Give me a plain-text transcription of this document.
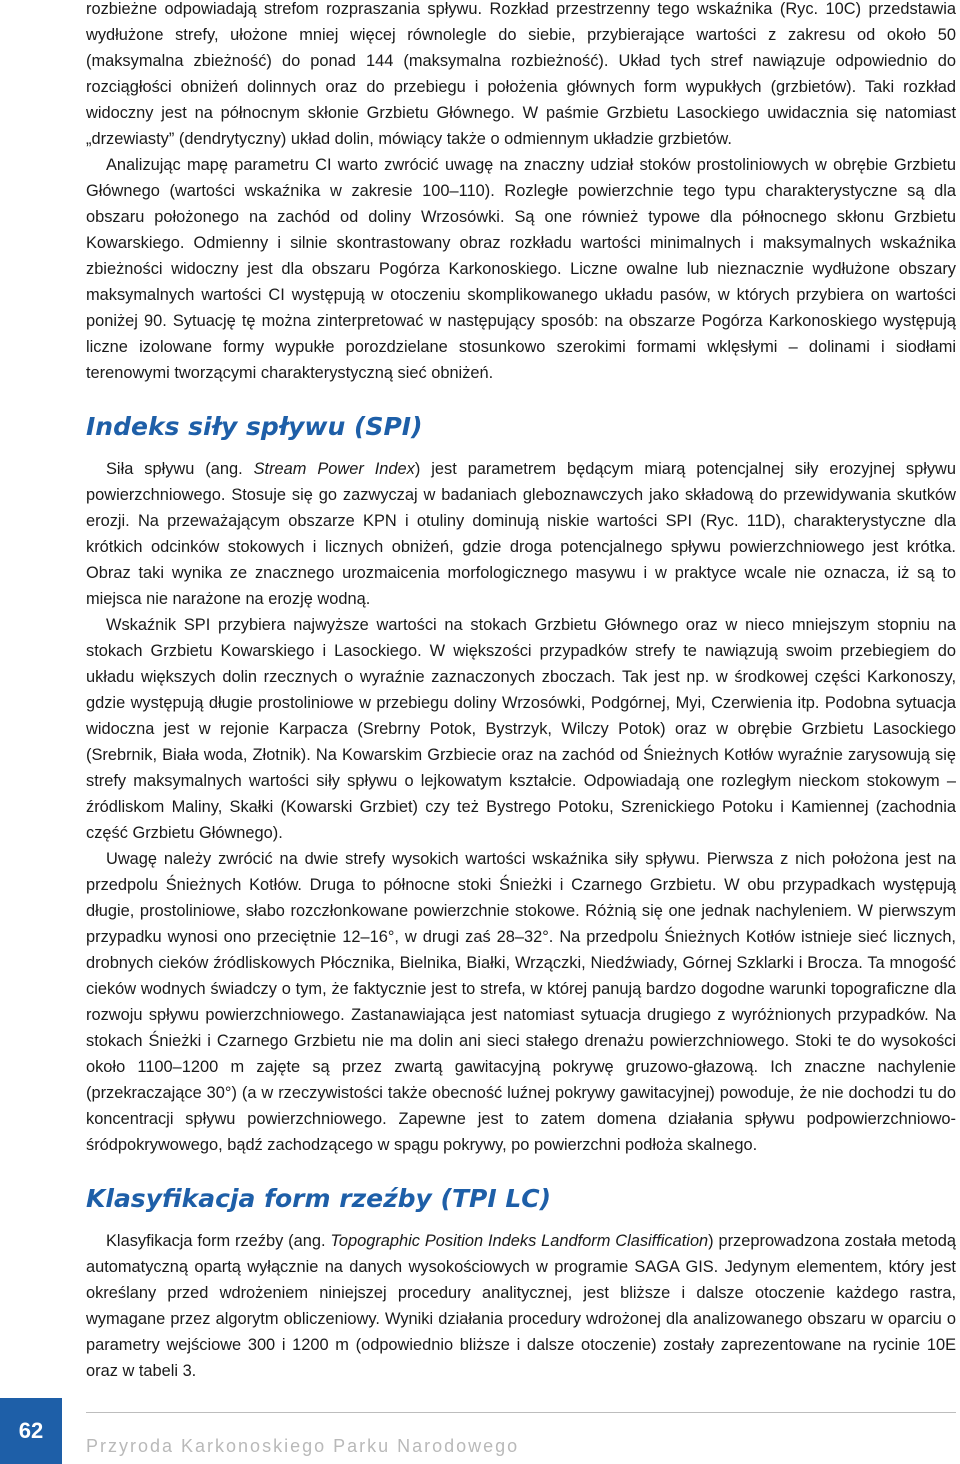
rozbieżne odpowiadają strefom rozpraszania spływu. Rozkład przestrzenny tego wskaźnika (Ryc. 10C) przedstawia wydłużone strefy, ułożone mniej więcej równolegle do siebie, przybierające wartości z zakresu od około 50 (maksymalna zbieżność) do ponad 144 (maksymalna rozbieżność). Układ tych stref nawiązuje odpowiednio do rozciągłości obniżeń dolinnych oraz do przebiegu i położenia głównych form wypukłych (grzbietów). Taki rozkład widoczny jest na północnym skłonie Grzbietu Głównego. W paśmie Grzbietu Lasockiego uwidacznia się natomiast „drzewiasty” (dendrytyczny) układ dolin, mówiący także o odmiennym układzie grzbietów.

Analizując mapę parametru CI warto zwrócić uwagę na znaczny udział stoków prostoliniowych w obrębie Grzbietu Głównego (wartości wskaźnika w zakresie 100–110). Rozległe powierzchnie tego typu charakterystyczne są dla obszaru położonego na zachód od doliny Wrzosówki. Są one również typowe dla północnego skłonu Grzbietu Kowarskiego. Odmienny i silnie skontrastowany obraz rozkładu wartości minimalnych i maksymalnych wskaźnika zbieżności widoczny jest dla obszaru Pogórza Karkonoskiego. Liczne owalne lub nieznacznie wydłużone obszary maksymalnych wartości CI występują w otoczeniu skomplikowanego układu pasów, w których przybiera on wartości poniżej 90. Sytuację tę można zinterpretować w następujący sposób: na obszarze Pogórza Karkonoskiego występują liczne izolowane formy wypukłe porozdzielane stosunkowo szerokimi formami wklęsłymi – dolinami i siodłami terenowymi tworzącymi charakterystyczną sieć obniżeń.

Indeks siły spływu (SPI)

Siła spływu (ang. Stream Power Index) jest parametrem będącym miarą potencjalnej siły erozyjnej spływu powierzchniowego. Stosuje się go zazwyczaj w badaniach gleboznawczych jako składową do przewidywania skutków erozji. Na przeważającym obszarze KPN i otuliny dominują niskie wartości SPI (Ryc. 11D), charakterystyczne dla krótkich odcinków stokowych i licznych obniżeń, gdzie droga potencjalnego spływu powierzchniowego jest krótka. Obraz taki wynika ze znacznego urozmaicenia morfologicznego masywu i w praktyce wcale nie oznacza, iż są to miejsca nie narażone na erozję wodną.

Wskaźnik SPI przybiera najwyższe wartości na stokach Grzbietu Głównego oraz w nieco mniejszym stopniu na stokach Grzbietu Kowarskiego i Lasockiego. W większości przypadków strefy te nawiązują swoim przebiegiem do układu większych dolin rzecznych o wyraźnie zaznaczonych zboczach. Tak jest np. w środkowej części Karkonoszy, gdzie występują długie prostoliniowe w przebiegu doliny Wrzosówki, Podgórnej, Myi, Czerwienia itp. Podobna sytuacja widoczna jest w rejonie Karpacza (Srebrny Potok, Bystrzyk, Wilczy Potok) oraz w obrębie Grzbietu Lasockiego (Srebrnik, Biała woda, Złotnik). Na Kowarskim Grzbiecie oraz na zachód od Śnieżnych Kotłów wyraźnie zarysowują się strefy maksymalnych wartości siły spływu o lejkowatym kształcie. Odpowiadają one rozległym nieckom stokowym – źródliskom Maliny, Skałki (Kowarski Grzbiet) czy też Bystrego Potoku, Szrenickiego Potoku i Kamiennej (zachodnia część Grzbietu Głównego).

Uwagę należy zwrócić na dwie strefy wysokich wartości wskaźnika siły spływu. Pierwsza z nich położona jest na przedpolu Śnieżnych Kotłów. Druga to północne stoki Śnieżki i Czarnego Grzbietu. W obu przypadkach występują długie, prostoliniowe, słabo rozczłonkowane powierzchnie stokowe. Różnią się one jednak nachyleniem. W pierwszym przypadku wynosi ono przeciętnie 12–16°, w drugi zaś 28–32°. Na przedpolu Śnieżnych Kotłów istnieje sieć licznych, drobnych cieków źródliskowych Płócznika, Bielnika, Białki, Wrzączki, Niedźwiady, Górnej Szklarki i Brocza. Ta mnogość cieków wodnych świadczy o tym, że faktycznie jest to strefa, w której panują bardzo dogodne warunki topograficzne dla rozwoju spływu powierzchniowego. Zastanawiająca jest natomiast sytuacja drugiego z wyróżnionych przypadków. Na stokach Śnieżki i Czarnego Grzbietu nie ma dolin ani sieci stałego drenażu powierzchniowego. Stoki te do wysokości około 1100–1200 m zajęte są przez zwartą gawitacyjną pokrywę gruzowo-głazową. Ich znaczne nachylenie (przekraczające 30°) (a w rzeczywistości także obecność luźnej pokrywy gawitacyjnej) powoduje, że nie dochodzi tu do koncentracji spływu powierzchniowego. Zapewne jest to zatem domena działania spływu podpowierzchniowo-śródpokrywowego, bądź zachodzącego w spągu pokrywy, po powierzchni podłoża skalnego.

Klasyfikacja form rzeźby (TPI LC)

Klasyfikacja form rzeźby (ang. Topographic Position Indeks Landform Clasiffication) przeprowadzona została metodą automatyczną opartą wyłącznie na danych wysokościowych w programie SAGA GIS. Jedynym elementem, który jest określany przed wdrożeniem niniejszej procedury analitycznej, jest bliższe i dalsze otoczenie każdego rastra, wymagane przez algorytm obliczeniowy. Wyniki działania procedury wdrożonej dla analizowanego obszaru w oparciu o parametry wejściowe 300 i 1200 m (odpowiednio bliższe i dalsze otoczenie) zostały zaprezentowane na rycinie 10E oraz w tabeli 3.

62
Przyroda Karkonoskiego Parku Narodowego
